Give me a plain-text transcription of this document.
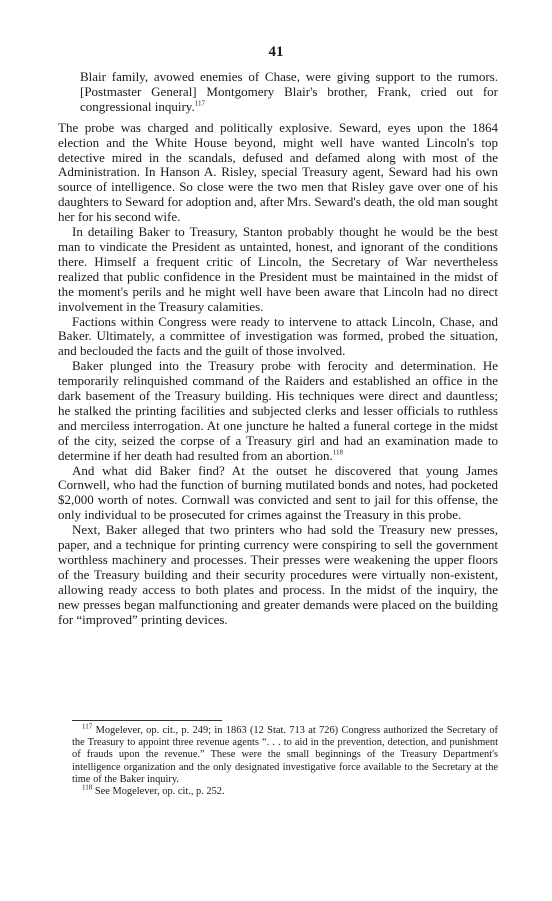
41

Blair family, avowed enemies of Chase, were giving support to the rumors. [Postmaster General] Montgomery Blair's brother, Frank, cried out for congressional inquiry.$^{117}$

The probe was charged and politically explosive. Seward, eyes upon the 1864 election and the White House beyond, might well have wanted Lincoln's top detective mired in the scandals, defused and defamed along with most of the Administration. In Hanson A. Risley, special Treasury agent, Seward had his own source of intelligence. So close were the two men that Risley gave over one of his daughters to Seward for adoption and, after Mrs. Seward's death, the old man sought her for his second wife.

In detailing Baker to Treasury, Stanton probably thought he would be the best man to vindicate the President as untainted, honest, and ignorant of the conditions there. Himself a frequent critic of Lincoln, the Secretary of War nevertheless realized that public confidence in the President must be maintained in the midst of the moment's perils and he might well have been aware that Lincoln had no direct involvement in the Treasury calamities.

Factions within Congress were ready to intervene to attack Lincoln, Chase, and Baker. Ultimately, a committee of investigation was formed, probed the situation, and beclouded the facts and the guilt of those involved.

Baker plunged into the Treasury probe with ferocity and determination. He temporarily relinquished command of the Raiders and established an office in the dark basement of the Treasury building. His techniques were direct and dauntless; he stalked the printing facilities and subjected clerks and lesser officials to ruthless and merciless interrogation. At one juncture he halted a funeral cortege in the midst of the city, seized the corpse of a Treasury girl and had an examination made to determine if her death had resulted from an abortion.$^{118}$

And what did Baker find? At the outset he discovered that young James Cornwell, who had the function of burning mutilated bonds and notes, had pocketed $2,000 worth of notes. Cornwall was convicted and sent to jail for this offense, the only individual to be prosecuted for crimes against the Treasury in this probe.

Next, Baker alleged that two printers who had sold the Treasury new presses, paper, and a technique for printing currency were conspiring to sell the government worthless machinery and processes. Their presses were weakening the upper floors of the Treasury building and their security procedures were virtually non-existent, allowing ready access to both plates and process. In the midst of the inquiry, the new presses began malfunctioning and greater demands were placed on the building for “improved” printing devices.

$^{117}$ Mogelever, op. cit., p. 249; in 1863 (12 Stat. 713 at 726) Congress authorized the Secretary of the Treasury to appoint three revenue agents “. . . to aid in the prevention, detection, and punishment of frauds upon the revenue.” These were the small beginnings of the Treasury Department's intelligence organization and the only designated investigative force available to the Secretary at the time of the Baker inquiry.

$^{118}$ See Mogelever, op. cit., p. 252.
